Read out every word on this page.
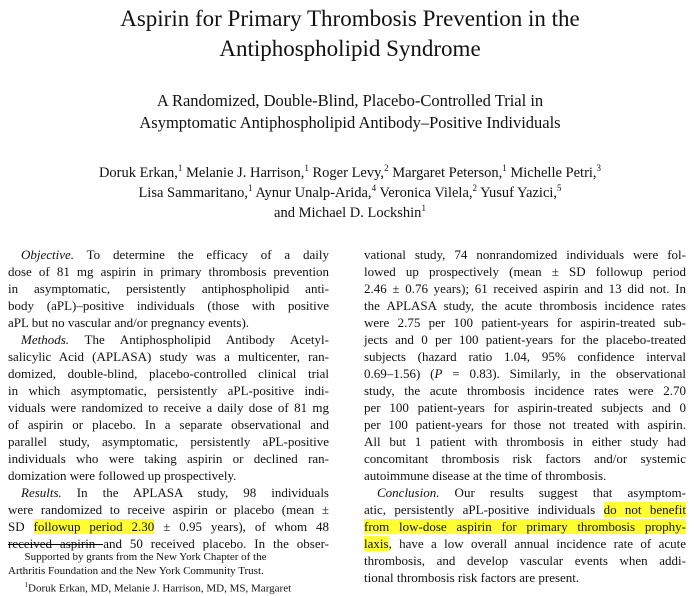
Aspirin for Primary Thrombosis Prevention in the
Antiphospholipid Syndrome
A Randomized, Double-Blind, Placebo-Controlled Trial in
Asymptomatic Antiphospholipid Antibody–Positive Individuals
Doruk Erkan,$^1$ Melanie J. Harrison,$^1$ Roger Levy,$^2$ Margaret Peterson,$^1$ Michelle Petri,$^3$
Lisa Sammaritano,$^1$ Aynur Unalp-Arida,$^4$ Veronica Vilela,$^2$ Yusuf Yazici,$^5$
and Michael D. Lockshin$^1$

 Objective. To determine the efficacy of a daily

dose of 81 mg aspirin in primary thrombosis prevention

in asymptomatic, persistently antiphospholipid anti-

body (aPL)–positive individuals (those with positive

aPL but no vascular and/or pregnancy events).

 Methods. The Antiphospholipid Antibody Acetyl-

salicylic Acid (APLASA) study was a multicenter, ran-

domized, double-blind, placebo-controlled clinical trial

in which asymptomatic, persistently aPL-positive indi-

viduals were randomized to receive a daily dose of 81 mg

of aspirin or placebo. In a separate observational and

parallel study, asymptomatic, persistently aPL-positive

individuals who were taking aspirin or declined ran-

domization were followed up prospectively.

 Results. In the APLASA study, 98 individuals

were randomized to receive aspirin or placebo (mean ±

SD followup period 2.30 ± 0.95 years), of whom 48

received aspirin and 50 received placebo. In the obser-

vational study, 74 nonrandomized individuals were fol-

lowed up prospectively (mean ± SD followup period

2.46 ± 0.76 years); 61 received aspirin and 13 did not. In

the APLASA study, the acute thrombosis incidence rates

were 2.75 per 100 patient-years for aspirin-treated sub-

jects and 0 per 100 patient-years for the placebo-treated

subjects (hazard ratio 1.04, 95% confidence interval

0.69–1.56) (P = 0.83). Similarly, in the observational

study, the acute thrombosis incidence rates were 2.70

per 100 patient-years for aspirin-treated subjects and 0

per 100 patient-years for those not treated with aspirin.

All but 1 patient with thrombosis in either study had

concomitant thrombosis risk factors and/or systemic

autoimmune disease at the time of thrombosis.

 Conclusion. Our results suggest that asymptom-

atic, persistently aPL-positive individuals do not benefit

from low-dose aspirin for primary thrombosis prophy-

laxis, have a low overall annual incidence rate of acute

thrombosis, and develop vascular events when addi-

tional thrombosis risk factors are present.

  Supported by grants from the New York Chapter of the

Arthritis Foundation and the New York Community Trust.

  $^1$Doruk Erkan, MD, Melanie J. Harrison, MD, MS, Margaret
